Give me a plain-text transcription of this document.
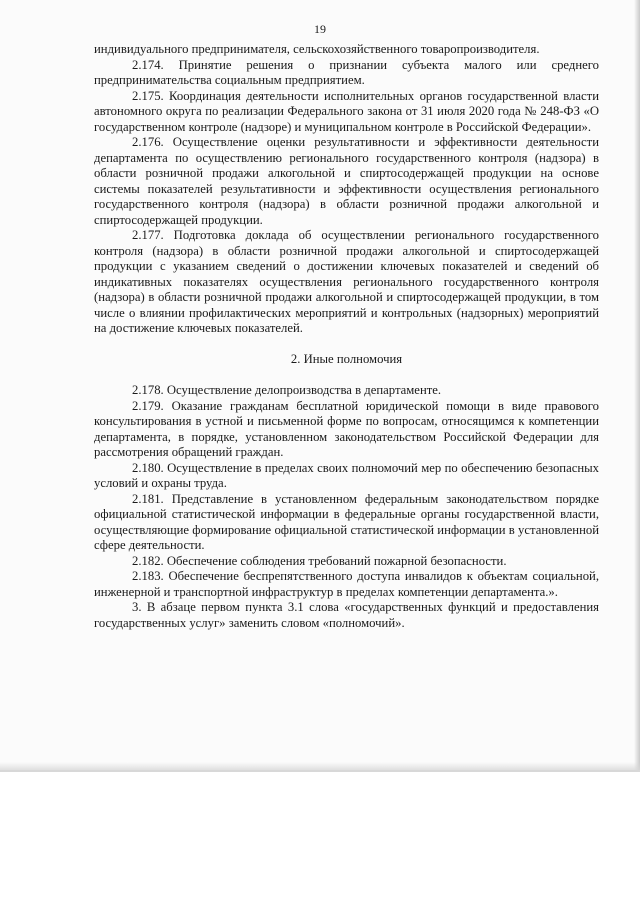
19

индивидуального предпринимателя, сельскохозяйственного товаропроизводителя.

2.174. Принятие решения о признании субъекта малого или среднего предпринимательства социальным предприятием.

2.175. Координация деятельности исполнительных органов государственной власти автономного округа по реализации Федерального закона от 31 июля 2020 года № 248-ФЗ «О государственном контроле (надзоре) и муниципальном контроле в Российской Федерации».

2.176. Осуществление оценки результативности и эффективности деятельности департамента по осуществлению регионального государственного контроля (надзора) в области розничной продажи алкогольной и спиртосодержащей продукции на основе системы показателей результативности и эффективности осуществления регионального государственного контроля (надзора) в области розничной продажи алкогольной и спиртосодержащей продукции.

2.177. Подготовка доклада об осуществлении регионального государственного контроля (надзора) в области розничной продажи алкогольной и спиртосодержащей продукции с указанием сведений о достижении ключевых показателей и сведений об индикативных показателях осуществления регионального государственного контроля (надзора) в области розничной продажи алкогольной и спиртосодержащей продукции, в том числе о влиянии профилактических мероприятий и контрольных (надзорных) мероприятий на достижение ключевых показателей.

2. Иные полномочия

2.178. Осуществление делопроизводства в департаменте.

2.179. Оказание гражданам бесплатной юридической помощи в виде правового консультирования в устной и письменной форме по вопросам, относящимся к компетенции департамента, в порядке, установленном законодательством Российской Федерации для рассмотрения обращений граждан.

2.180. Осуществление в пределах своих полномочий мер по обеспечению безопасных условий и охраны труда.

2.181. Представление в установленном федеральным законодательством порядке официальной статистической информации в федеральные органы государственной власти, осуществляющие формирование официальной статистической информации в установленной сфере деятельности.

2.182. Обеспечение соблюдения требований пожарной безопасности.

2.183. Обеспечение беспрепятственного доступа инвалидов к объектам социальной, инженерной и транспортной инфраструктур в пределах компетенции департамента.».

3. В абзаце первом пункта 3.1 слова «государственных функций и предоставления государственных услуг» заменить словом «полномочий».
